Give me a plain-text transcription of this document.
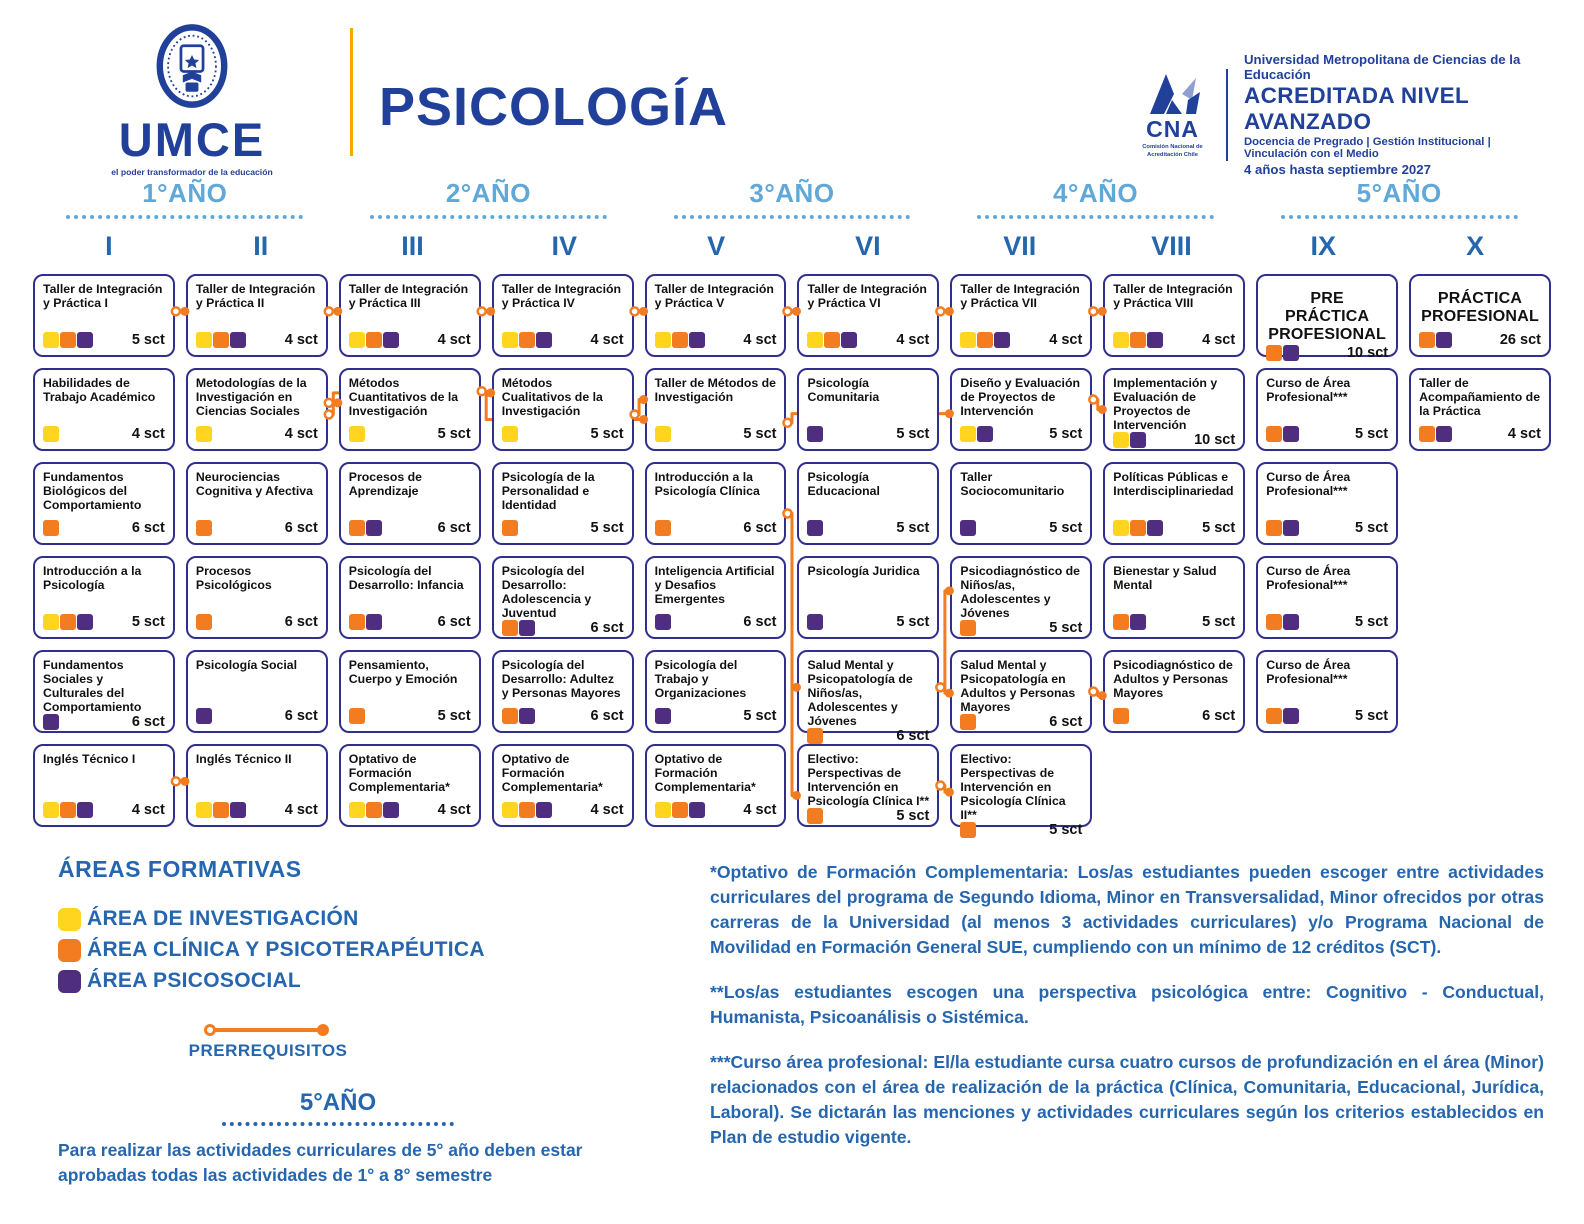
UMCE
el poder transformador de la educación
PSICOLOGÍA	CNA
Comisión Nacional de Acreditación Chile
Universidad Metropolitana de Ciencias de la Educación
ACREDITADA NIVEL AVANZADO
Docencia de Pregrado | Gestión Institucional | Vinculación con el Medio
4 años hasta septiembre 2027
1°AÑO	2°AÑO	3°AÑO	4°AÑO	5°AÑO
I	II	III	IV	V	VI	VII	VIII	IX	X
Taller de Integración y Práctica I
5 sct
Habilidades de Trabajo Académico
4 sct
Fundamentos Biológicos del Comportamiento
6 sct
Introducción a la Psicología
5 sct
Fundamentos Sociales y Culturales del Comportamiento
6 sct
Inglés Técnico I
4 sct
Taller de Integración y Práctica II
4 sct
Metodologías de la Investigación en Ciencias Sociales
4 sct
Neurociencias Cognitiva y Afectiva
6 sct
Procesos Psicológicos
6 sct
Psicología Social
6 sct
Inglés Técnico II
4 sct
Taller de Integración y Práctica III
4 sct
Métodos Cuantitativos de la Investigación
5 sct
Procesos de Aprendizaje
6 sct
Psicología del Desarrollo: Infancia
6 sct
Pensamiento, Cuerpo y Emoción
5 sct
Optativo de Formación Complementaria*
4 sct
Taller de Integración y Práctica IV
4 sct
Métodos Cualitativos de la Investigación
5 sct
Psicología de la Personalidad e Identidad
5 sct
Psicología del Desarrollo: Adolescencia y Juventud
6 sct
Psicología del Desarrollo: Adultez y Personas Mayores
6 sct
Optativo de Formación Complementaria*
4 sct
Taller de Integración y Práctica V
4 sct
Taller de Métodos de Investigación
5 sct
Introducción a la Psicología Clínica
6 sct
Inteligencia Artificial y Desafios Emergentes
6 sct
Psicología del Trabajo y Organizaciones
5 sct
Optativo de Formación Complementaria*
4 sct
Taller de Integración y Práctica VI
4 sct
Psicología Comunitaria
5 sct
Psicología Educacional
5 sct
Psicología Juridica
5 sct
Salud Mental y Psicopatología de Niños/as, Adolescentes y Jóvenes
6 sct
Electivo: Perspectivas de Intervención en Psicología Clínica I**
5 sct
Taller de Integración y Práctica VII
4 sct
Diseño y Evaluación de Proyectos de Intervención
5 sct
Taller Sociocomunitario
5 sct
Psicodiagnóstico de Niños/as, Adolescentes y Jóvenes
5 sct
Salud Mental y Psicopatología en Adultos y Personas Mayores
6 sct
Electivo: Perspectivas de Intervención en Psicología Clínica II**
5 sct
Taller de Integración y Práctica VIII
4 sct
Implementación y Evaluación de Proyectos de Intervención
10 sct
Políticas Públicas e Interdisciplinariedad
5 sct
Bienestar y Salud Mental
5 sct
Psicodiagnóstico de Adultos y Personas Mayores
6 sct
PRE PRÁCTICA PROFESIONAL
10 sct
Curso de Área Profesional***
5 sct
Curso de Área Profesional***
5 sct
Curso de Área Profesional***
5 sct
Curso de Área Profesional***
5 sct
PRÁCTICA PROFESIONAL
26 sct
Taller de Acompañamiento de la Práctica
4 sct
ÁREAS FORMATIVAS
ÁREA DE INVESTIGACIÓN
ÁREA CLÍNICA Y PSICOTERAPÉUTICA
ÁREA PSICOSOCIAL
PRERREQUISITOS
5°AÑO
Para realizar las actividades curriculares de 5° año deben estar aprobadas todas las actividades de 1° a 8° semestre
*Optativo de Formación Complementaria: Los/as estudiantes pueden escoger entre actividades curriculares del programa de Segundo Idioma, Minor en Transversalidad, Minor ofrecidos por otras carreras de la Universidad (al menos 3 actividades curriculares) y/o Programa Nacional de Movilidad en Formación General SUE, cumpliendo con un mínimo de 12 créditos (SCT).
**Los/as estudiantes escogen una perspectiva psicológica entre: Cognitivo - Conductual, Humanista, Psicoanálisis o Sistémica.
***Curso área profesional: El/la estudiante cursa cuatro cursos de profundización en el área (Minor) relacionados con el área de realización de la práctica (Clínica, Comunitaria, Educacional, Jurídica, Laboral). Se dictarán las menciones y actividades curriculares según los criterios establecidos en Plan de estudio vigente.
